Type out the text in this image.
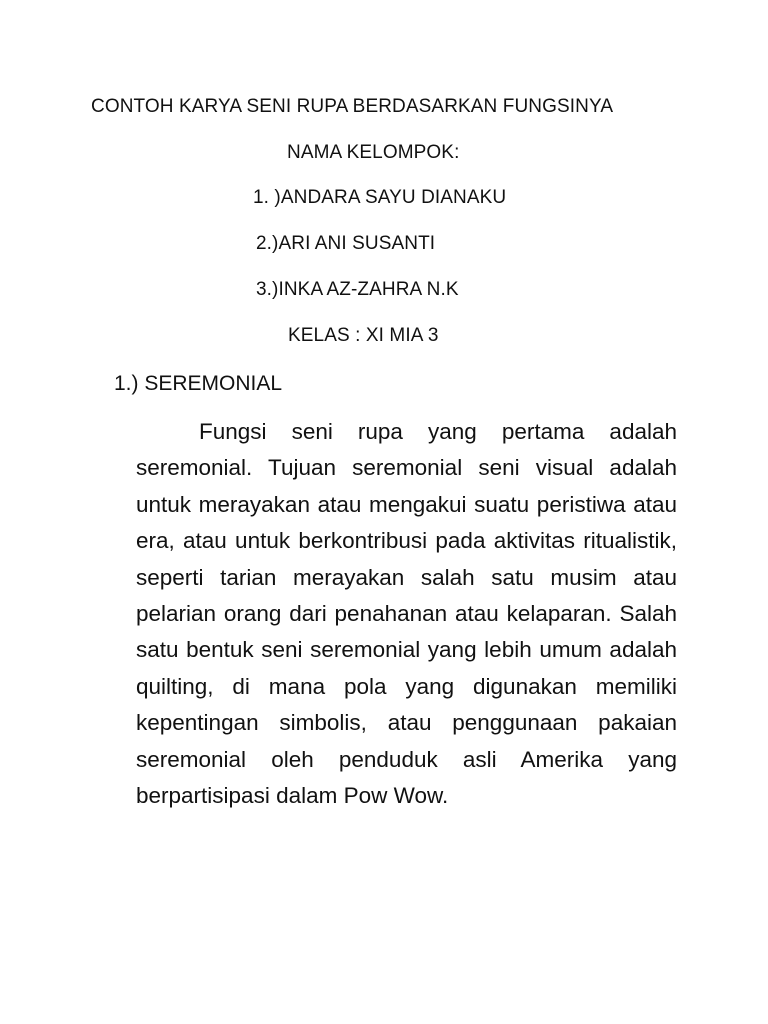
CONTOH KARYA SENI RUPA BERDASARKAN FUNGSINYA
NAMA KELOMPOK:
1. )ANDARA SAYU DIANAKU
2.)ARI ANI SUSANTI
3.)INKA AZ-ZAHRA N.K
KELAS : XI MIA 3
1.) SEREMONIAL

Fungsi seni rupa yang pertama adalah seremonial. Tujuan seremonial seni visual adalah untuk merayakan atau mengakui suatu peristiwa atau era, atau untuk berkontribusi pada aktivitas ritualistik, seperti tarian merayakan salah satu musim atau pelarian orang dari penahanan atau kelaparan. Salah satu bentuk seni seremonial yang lebih umum adalah quilting, di mana pola yang digunakan memiliki kepentingan simbolis, atau penggunaan pakaian seremonial oleh penduduk asli Amerika yang berpartisipasi dalam Pow Wow.
